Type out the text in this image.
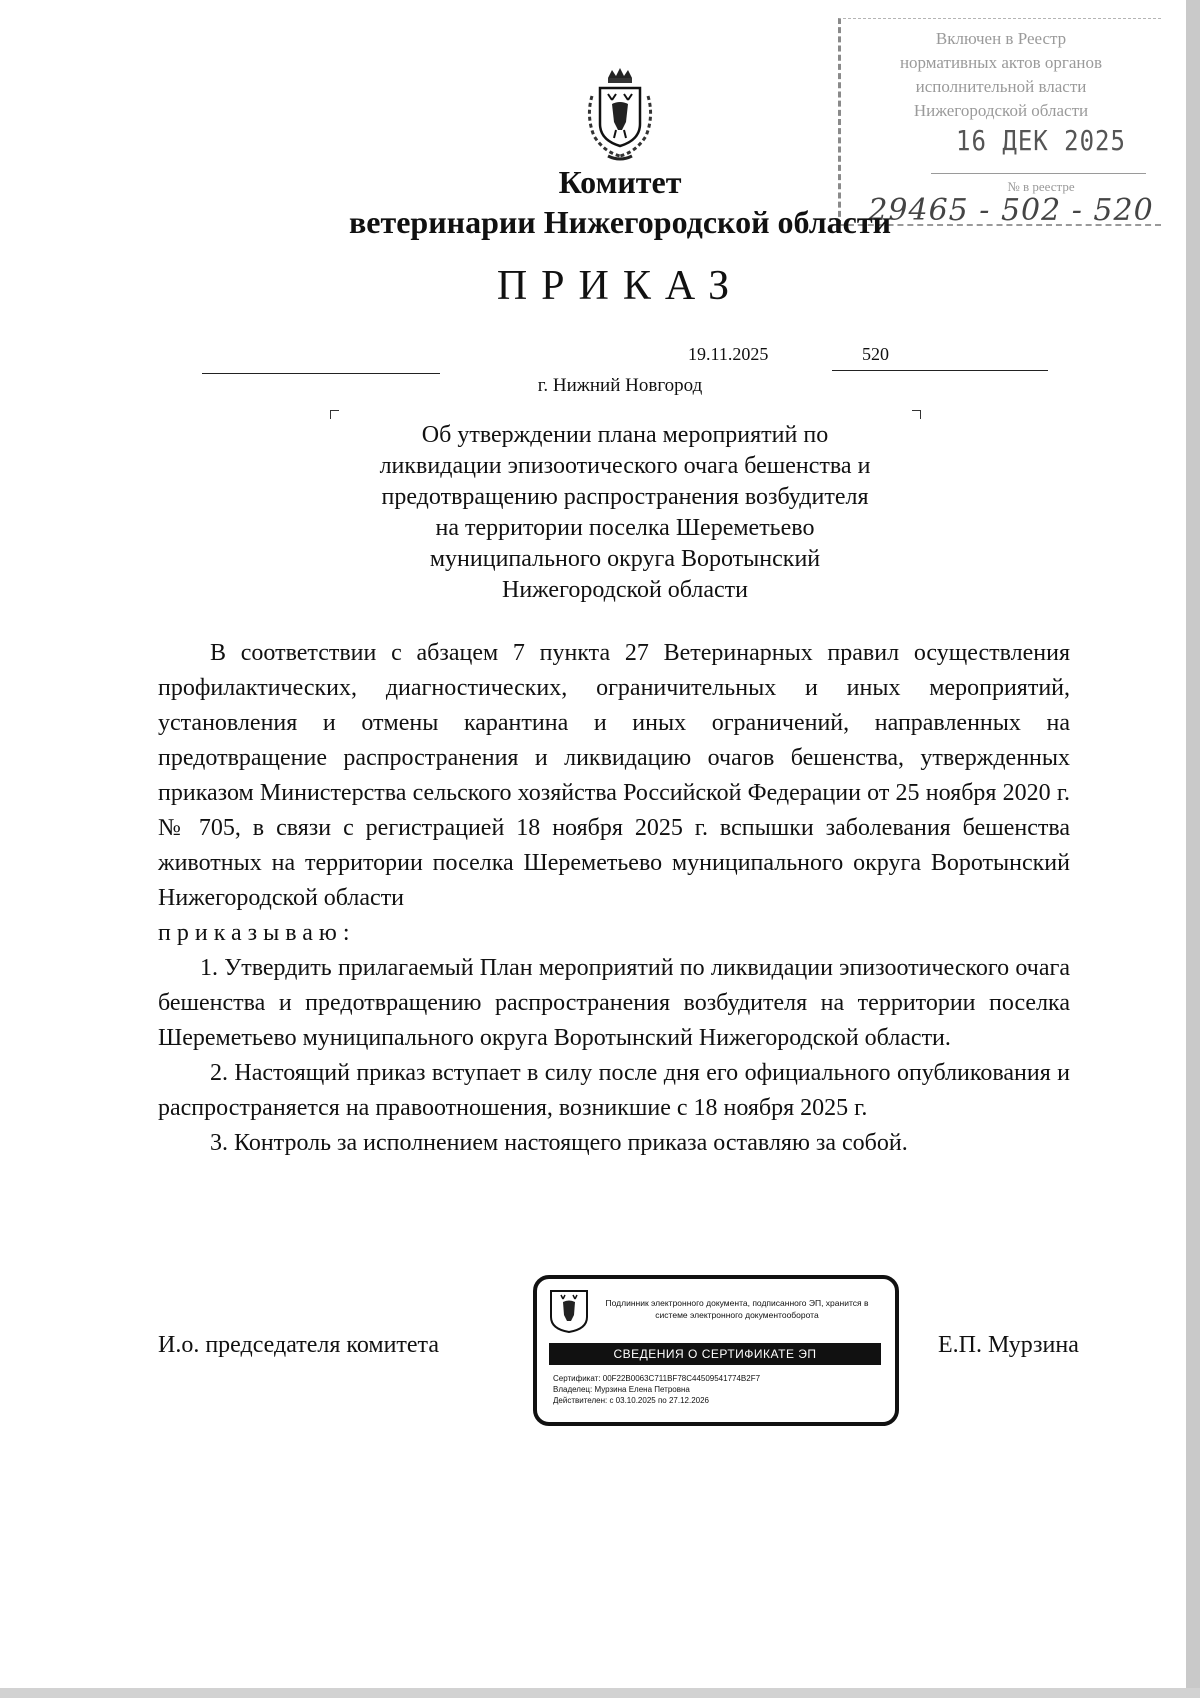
Включен в Реестр
нормативных актов органов
исполнительной власти
Нижегородской области
16 ДЕК 2025
№ в реестре
29465 - 502 - 520
Комитет
ветеринарии Нижегородской области
ПРИКАЗ
19.11.2025	520
г. Нижний Новгород
Об утверждении плана мероприятий по
ликвидации эпизоотического очага бешенства и
предотвращению распространения возбудителя
на территории поселка Шереметьево
муниципального округа Воротынский
Нижегородской области

В соответствии с абзацем 7 пункта 27 Ветеринарных правил осуществления профилактических, диагностических, ограничительных и иных мероприятий, установления и отмены карантина и иных ограничений, направленных на предотвращение распространения и ликвидацию очагов бешенства, утвержденных приказом Министерства сельского хозяйства Российской Федерации от 25 ноября 2020 г. № 705, в связи с регистрацией 18 ноября 2025 г. вспышки заболевания бешенства животных на территории поселка Шереметьево муниципального округа Воротынский Нижегородской области

приказываю:

1. Утвердить прилагаемый План мероприятий по ликвидации эпизоотического очага бешенства и предотвращению распространения возбудителя на территории поселка Шереметьево муниципального округа Воротынский Нижегородской области.

2. Настоящий приказ вступает в силу после дня его официального опубликования и распространяется на правоотношения, возникшие с 18 ноября 2025 г.

3. Контроль за исполнением настоящего приказа оставляю за собой.

И.о. председателя комитета
Подлинник электронного документа, подписанного ЭП, хранится в системе электронного документооборота
СВЕДЕНИЯ О СЕРТИФИКАТЕ ЭП
Сертификат: 00F22B0063C711BF78C44509541774B2F7
Владелец: Мурзина Елена Петровна
Действителен: с 03.10.2025 по 27.12.2026
Е.П. Мурзина
